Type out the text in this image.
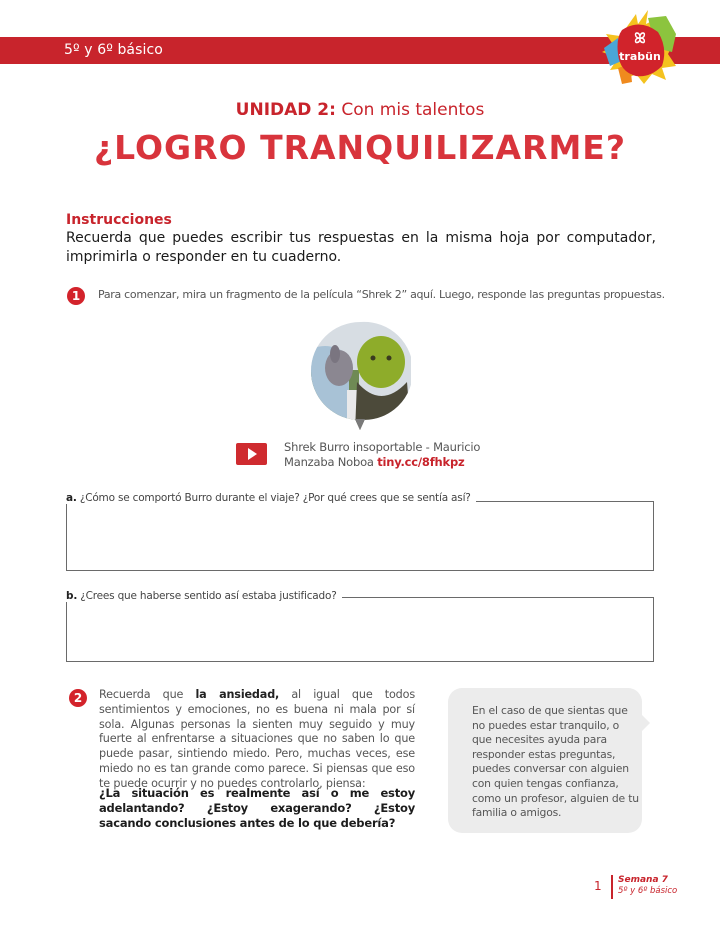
5º y 6º básico
ꕤ
trabün
UNIDAD 2: Con mis talentos
¿LOGRO TRANQUILIZARME?
Instrucciones
Recuerda que puedes escribir tus respuestas en la misma hoja por computador, imprimirla o responder en tu cuaderno.
1	Para comenzar, mira un fragmento de la película “Shrek 2” aquí. Luego, responde las preguntas propuestas.
Shrek Burro insoportable - Mauricio
Manzaba Noboa tiny.cc/8fhkpz
a. ¿Cómo se comportó Burro durante el viaje? ¿Por qué crees que se sentía así?
b. ¿Crees que haberse sentido así estaba justificado?
2	Recuerda que la ansiedad, al igual que todos sentimientos y emociones, no es buena ni mala por sí sola. Algunas personas la sienten muy seguido y muy fuerte al enfrentarse a situaciones que no saben lo que puede pasar, sintiendo miedo. Pero, muchas veces, ese miedo no es tan grande como parece. Si piensas que eso te puede ocurrir y no puedes controlarlo, piensa:
¿La situación es realmente así o me estoy adelantando? ¿Estoy exagerando? ¿Estoy sacando conclusiones antes de lo que debería?
En el caso de que sientas que no puedes estar tranquilo, o que necesites ayuda para responder estas preguntas, puedes conversar con alguien con quien tengas confianza, como un profesor, alguien de tu familia o amigos.
1 Semana 7
5º y 6º básico
